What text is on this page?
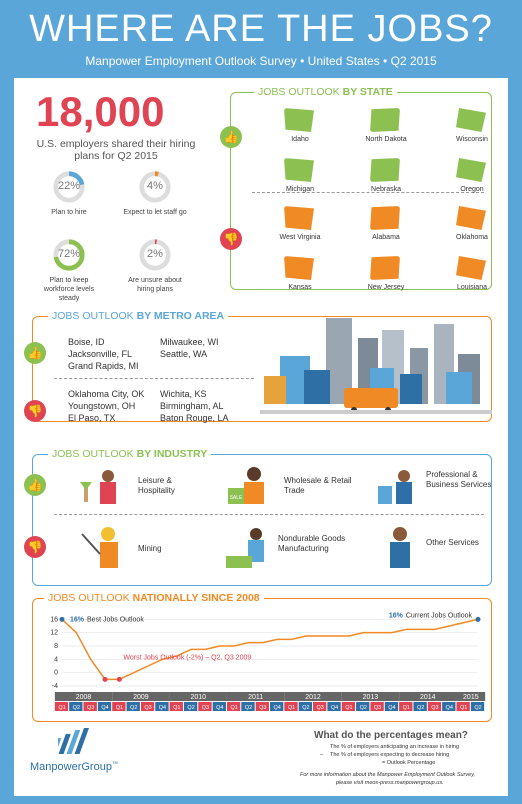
WHERE ARE THE JOBS?
Manpower Employment Outlook Survey • United States • Q2 2015
18,000
U.S. employers shared their hiring plans for Q2 2015
22%
Plan to hire
4%
Expect to let staff go
72%
Plan to keep workforce levels steady
2%
Are unsure about hiring plans
JOBS OUTLOOK BY STATE
👍
👎
Idaho	North Dakota	Wisconsin
Michigan	Nebraska	Oregon
West Virginia	Alabama	Oklahoma
Kansas	New Jersey	Louisiana
JOBS OUTLOOK BY METRO AREA
👍
👎
Boise, ID
Jacksonville, FL
Grand Rapids, MI
Milwaukee, WI
Seattle, WA
Oklahoma City, OK
Youngstown, OH
El Paso, TX
Wichita, KS
Birmingham, AL
Baton Rouge, LA
JOBS OUTLOOK BY INDUSTRY
👍
👎
Leisure & Hospitality
SALE
Wholesale & Retail Trade
Professional & Business Services
Mining
Nondurable Goods Manufacturing
Other Services
JOBS OUTLOOK NATIONALLY SINCE 2008
16
12
8
4
0
-4
16% Best Jobs Outlook
Worst Jobs Outlook (-2%) – Q2, Q3 2009
16% Current Jobs Outlook
2008
Q1 Q2 Q3 Q4
2009
Q1 Q2 Q3 Q4
2010
Q1 Q2 Q3 Q4
2011
Q1 Q2 Q3 Q4
2012
Q1 Q2 Q3 Q4
2013
Q1 Q2 Q3 Q4
2014
Q1 Q2 Q3 Q4
2015
Q1 Q2
What do the percentages mean?
The % of employers anticipating an increase in hiring
– The % of employers expecting to decrease hiring
= Outlook Percentage
For more information about the Manpower Employment Outlook Survey,
please visit meos-press.manpowergroup.us.
ManpowerGroup™
